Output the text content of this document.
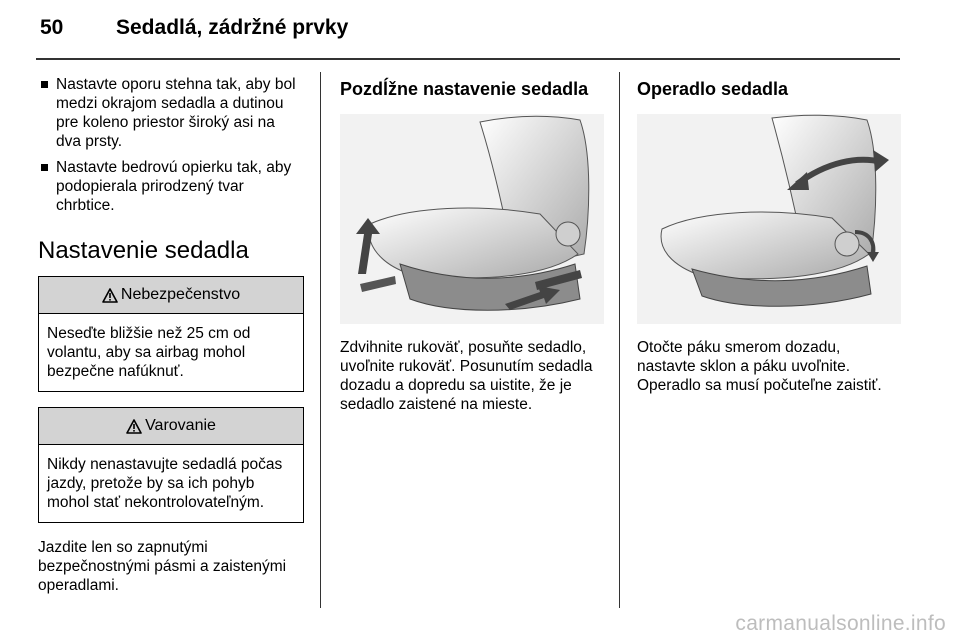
50	Sedadlá, zádržné prvky
Nastavte oporu stehna tak, aby bol medzi okrajom sedadla a dutinou pre koleno priestor široký asi na dva prsty.
Nastavte bedrovú opierku tak, aby podopierala prirodzený tvar chrbtice.
Nastavenie sedadla
Nebezpečenstvo
Neseďte bližšie než 25 cm od volantu, aby sa airbag mohol bezpečne nafúknuť.
Varovanie
Nikdy nenastavujte sedadlá počas jazdy, pretože by sa ich pohyb mohol stať nekontrolovateľným.

Jazdite len so zapnutými bezpečnostnými pásmi a zaistenými operadlami.

Pozdĺžne nastavenie sedadla

Zdvihnite rukoväť, posuňte sedadlo, uvoľnite rukoväť. Posunutím sedadla dozadu a dopredu sa uistite, že je sedadlo zaistené na mieste.

Operadlo sedadla

Otočte páku smerom dozadu, nastavte sklon a páku uvoľnite. Operadlo sa musí počuteľne zaistiť.

carmanualsonline.info
